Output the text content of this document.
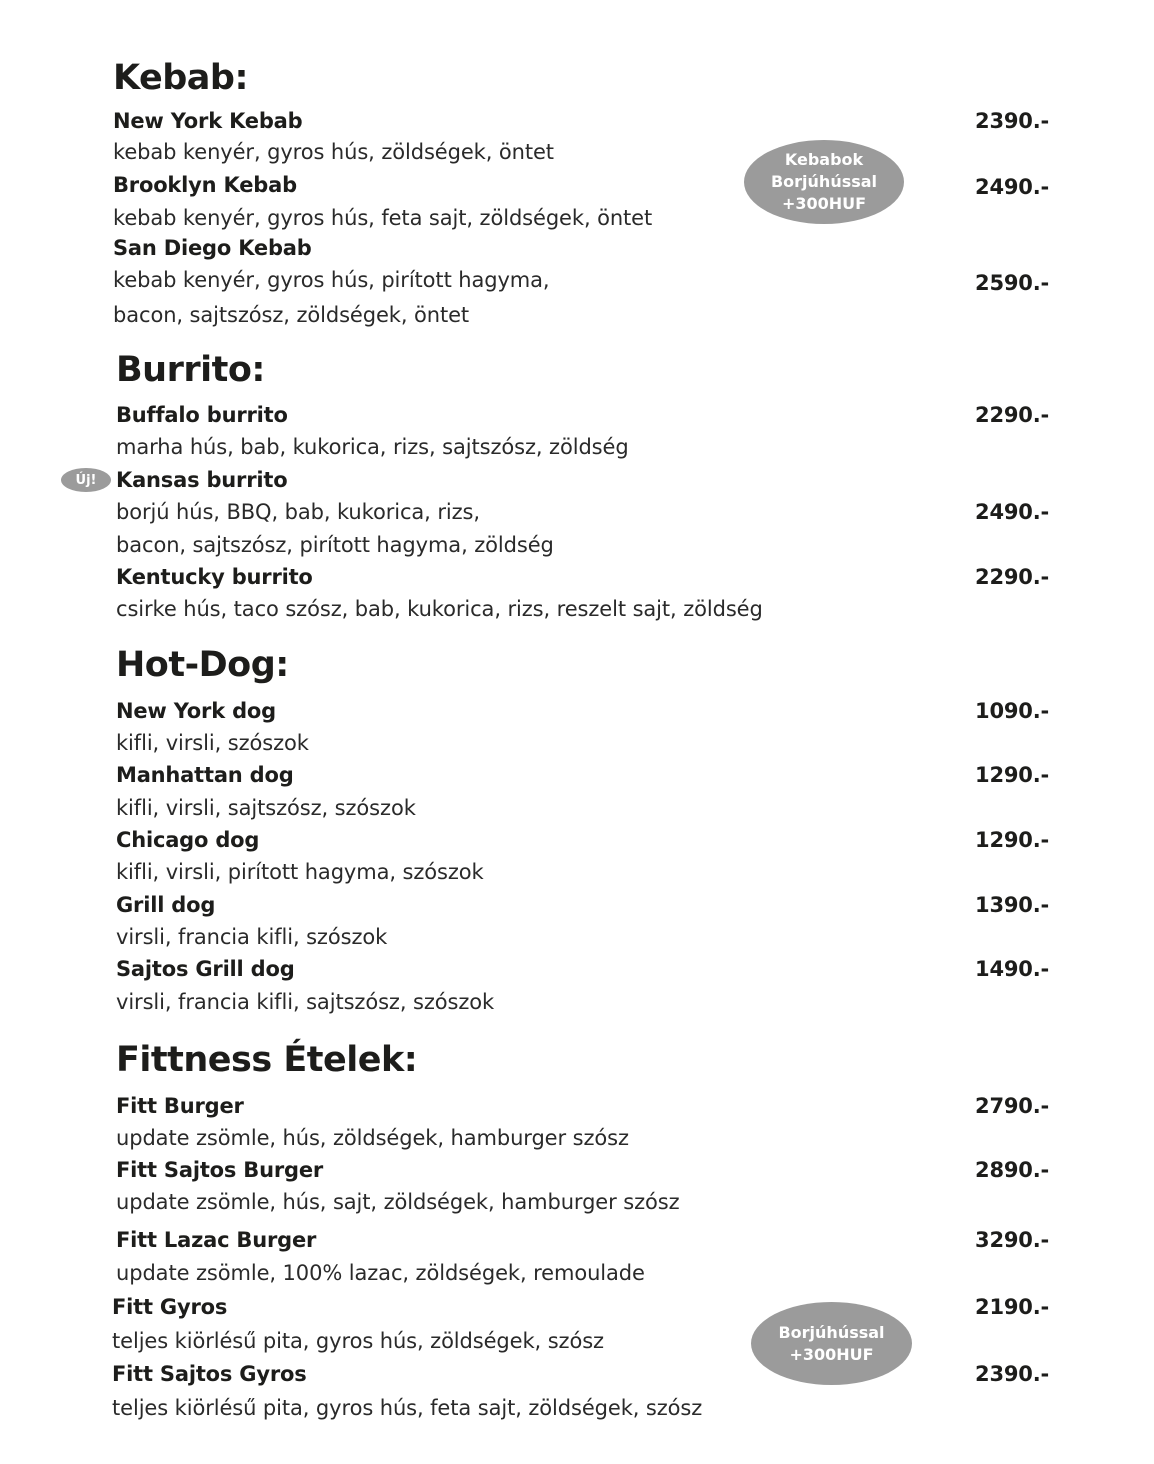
Kebab:
New York Kebab	2390.-
kebab kenyér, gyros hús, zöldségek, öntet
Brooklyn Kebab	2490.-
kebab kenyér, gyros hús, feta sajt, zöldségek, öntet
San Diego Kebab
kebab kenyér, gyros hús, pirított hagyma,	2590.-
bacon, sajtszósz, zöldségek, öntet
Kebabok
Borjúhússal
+300HUF
Burrito:
Buffalo burrito	2290.-
marha hús, bab, kukorica, rizs, sajtszósz, zöldség
Új! Kansas burrito
borjú hús, BBQ, bab, kukorica, rizs,	2490.-
bacon, sajtszósz, pirított hagyma, zöldség
Kentucky burrito	2290.-
csirke hús, taco szósz, bab, kukorica, rizs, reszelt sajt, zöldség
Hot-Dog:
New York dog	1090.-
kifli, virsli, szószok
Manhattan dog	1290.-
kifli, virsli, sajtszósz, szószok
Chicago dog	1290.-
kifli, virsli, pirított hagyma, szószok
Grill dog	1390.-
virsli, francia kifli, szószok
Sajtos Grill dog	1490.-
virsli, francia kifli, sajtszósz, szószok
Fittness Ételek:
Fitt Burger	2790.-
update zsömle, hús, zöldségek, hamburger szósz
Fitt Sajtos Burger	2890.-
update zsömle, hús, sajt, zöldségek, hamburger szósz
Fitt Lazac Burger	3290.-
update zsömle, 100% lazac, zöldségek, remoulade
Fitt Gyros	2190.-
teljes kiörlésű pita, gyros hús, zöldségek, szósz
Fitt Sajtos Gyros	2390.-
teljes kiörlésű pita, gyros hús, feta sajt, zöldségek, szósz
Borjúhússal
+300HUF
